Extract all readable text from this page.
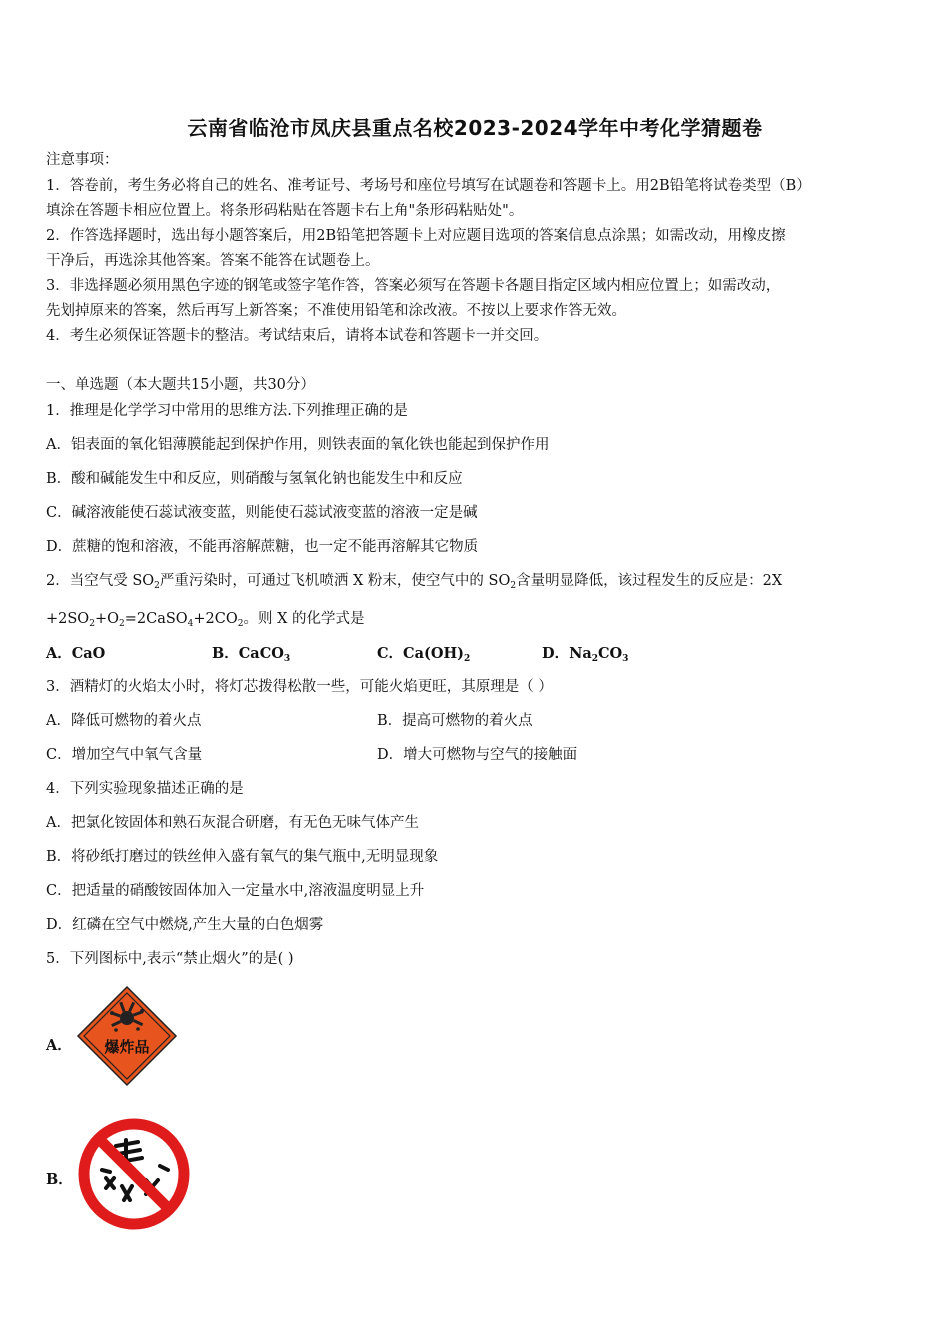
云南省临沧市凤庆县重点名校2023-2024学年中考化学猜题卷
注意事项：
1．答卷前，考生务必将自己的姓名、准考证号、考场号和座位号填写在试题卷和答题卡上。用2B铅笔将试卷类型（B）
填涂在答题卡相应位置上。将条形码粘贴在答题卡右上角"条形码粘贴处"。
2．作答选择题时，选出每小题答案后，用2B铅笔把答题卡上对应题目选项的答案信息点涂黑；如需改动，用橡皮擦
干净后，再选涂其他答案。答案不能答在试题卷上。
3．非选择题必须用黑色字迹的钢笔或签字笔作答，答案必须写在答题卡各题目指定区域内相应位置上；如需改动，
先划掉原来的答案，然后再写上新答案；不准使用铅笔和涂改液。不按以上要求作答无效。
4．考生必须保证答题卡的整洁。考试结束后，请将本试卷和答题卡一并交回。
一、单选题（本大题共15小题，共30分）
1．推理是化学学习中常用的思维方法.下列推理正确的是
A．铝表面的氧化铝薄膜能起到保护作用，则铁表面的氧化铁也能起到保护作用
B．酸和碱能发生中和反应，则硝酸与氢氧化钠也能发生中和反应
C．碱溶液能使石蕊试液变蓝，则能使石蕊试液变蓝的溶液一定是碱
D．蔗糖的饱和溶液，不能再溶解蔗糖，也一定不能再溶解其它物质
2．当空气受 $SO_2$严重污染时，可通过飞机喷洒 X 粉末，使空气中的 $SO_2$含量明显降低，该过程发生的反应是：2X
$+2SO_2+O_2=2CaSO_4+2CO_2$。则 X 的化学式是
A．CaO	B．CaCO$_3$	C．$Ca(OH)_2$	D．$Na_2CO_3$
3．酒精灯的火焰太小时，将灯芯拨得松散一些，可能火焰更旺，其原理是（ ）
A．降低可燃物的着火点	B．提高可燃物的着火点
C．增加空气中氧气含量	D．增大可燃物与空气的接触面
4．下列实验现象描述正确的是
A．把氯化铵固体和熟石灰混合研磨，有无色无味气体产生
B．将砂纸打磨过的铁丝伸入盛有氧气的集气瓶中,无明显现象
C．把适量的硝酸铵固体加入一定量水中,溶液温度明显上升
D．红磷在空气中燃烧,产生大量的白色烟雾
5．下列图标中,表示“禁止烟火”的是( )
A． 爆炸品
B．
